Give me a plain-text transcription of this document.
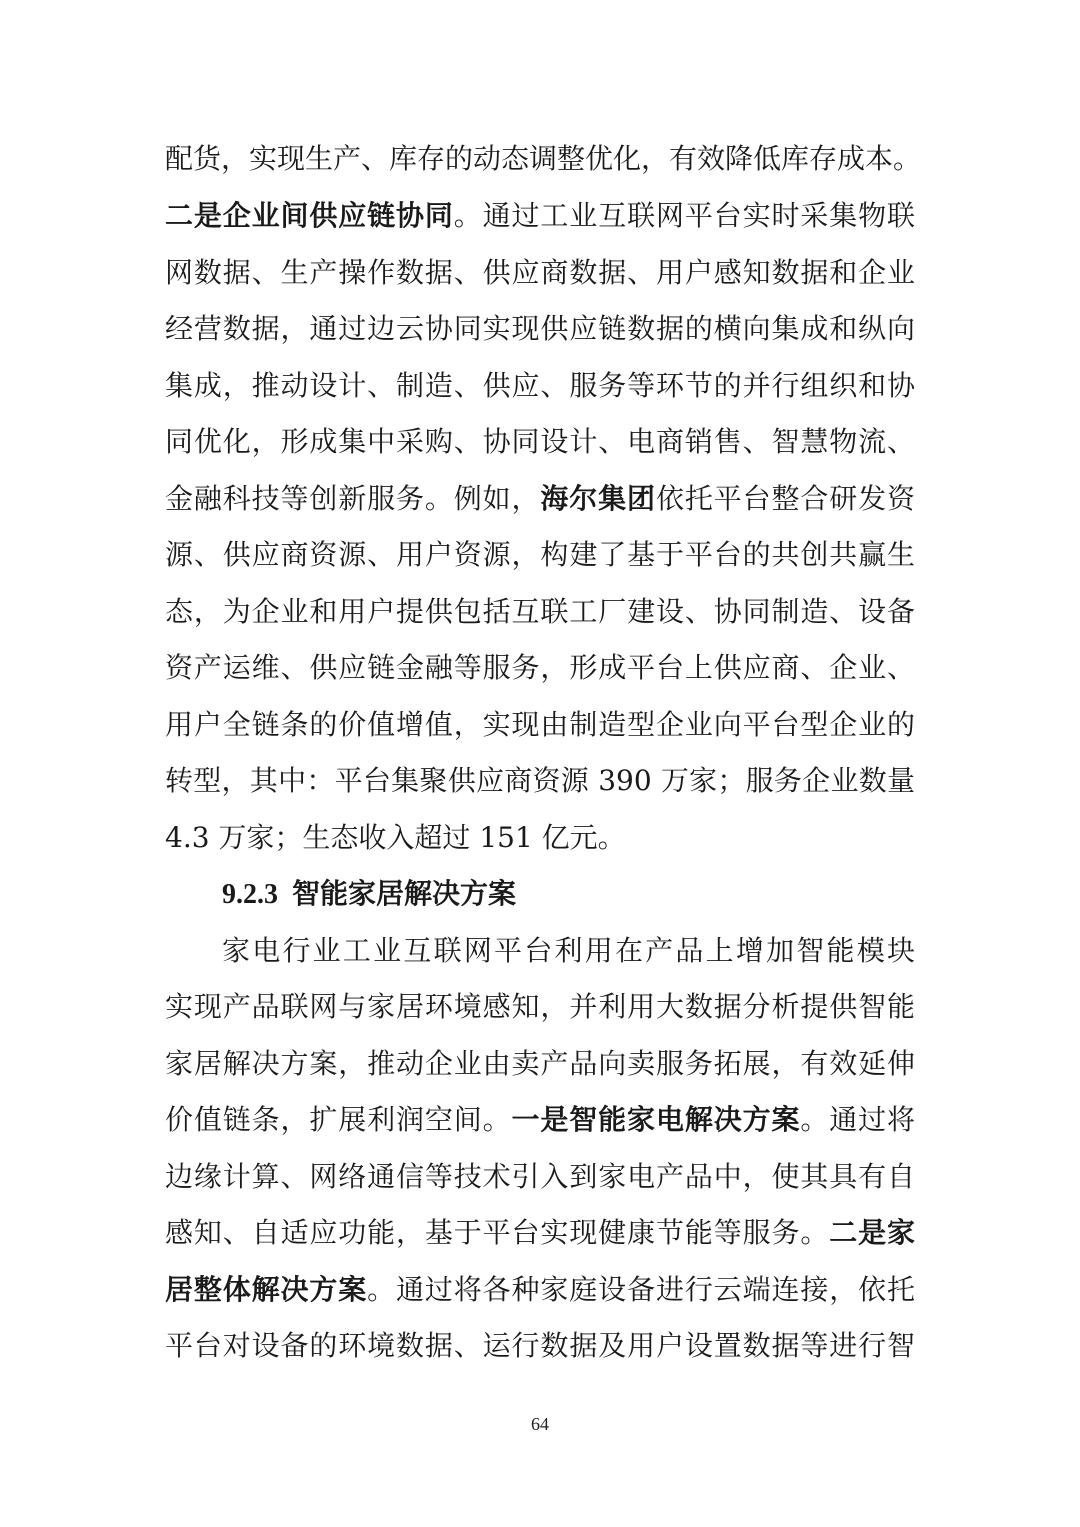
配货，实现生产、库存的动态调整优化，有效降低库存成本。
二是企业间供应链协同。通过工业互联网平台实时采集物联
网数据、生产操作数据、供应商数据、用户感知数据和企业
经营数据，通过边云协同实现供应链数据的横向集成和纵向
集成，推动设计、制造、供应、服务等环节的并行组织和协
同优化，形成集中采购、协同设计、电商销售、智慧物流、
金融科技等创新服务。例如，海尔集团依托平台整合研发资
源、供应商资源、用户资源，构建了基于平台的共创共赢生
态，为企业和用户提供包括互联工厂建设、协同制造、设备
资产运维、供应链金融等服务，形成平台上供应商、企业、
用户全链条的价值增值，实现由制造型企业向平台型企业的
转型，其中：平台集聚供应商资源 390 万家；服务企业数量
4.3 万家；生态收入超过 151 亿元。
9.2.3 智能家居解决方案
家电行业工业互联网平台利用在产品上增加智能模块
实现产品联网与家居环境感知，并利用大数据分析提供智能
家居解决方案，推动企业由卖产品向卖服务拓展，有效延伸
价值链条，扩展利润空间。一是智能家电解决方案。通过将
边缘计算、网络通信等技术引入到家电产品中，使其具有自
感知、自适应功能，基于平台实现健康节能等服务。二是家
居整体解决方案。通过将各种家庭设备进行云端连接，依托
平台对设备的环境数据、运行数据及用户设置数据等进行智
64
